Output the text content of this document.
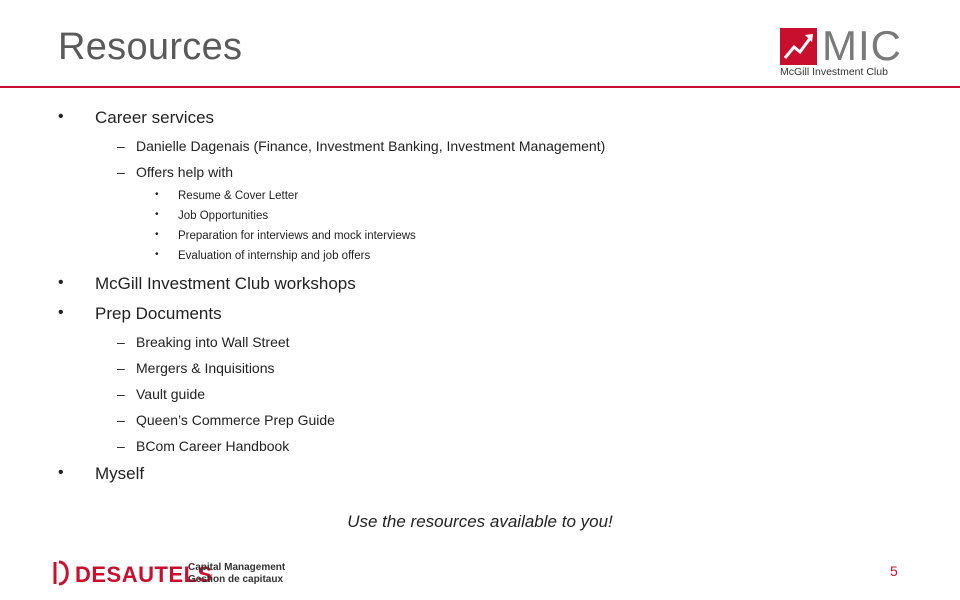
Resources	MIC
McGill Investment Club
• Career services
– Danielle Dagenais (Finance, Investment Banking, Investment Management)
– Offers help with
• Resume & Cover Letter
• Job Opportunities
• Preparation for interviews and mock interviews
• Evaluation of internship and job offers
• McGill Investment Club workshops
• Prep Documents
– Breaking into Wall Street
– Mergers & Inquisitions
– Vault guide
– Queen’s Commerce Prep Guide
– BCom Career Handbook
• Myself
Use the resources available to you!
DESAUTELS
Capital Management
Gestion de capitaux
5
